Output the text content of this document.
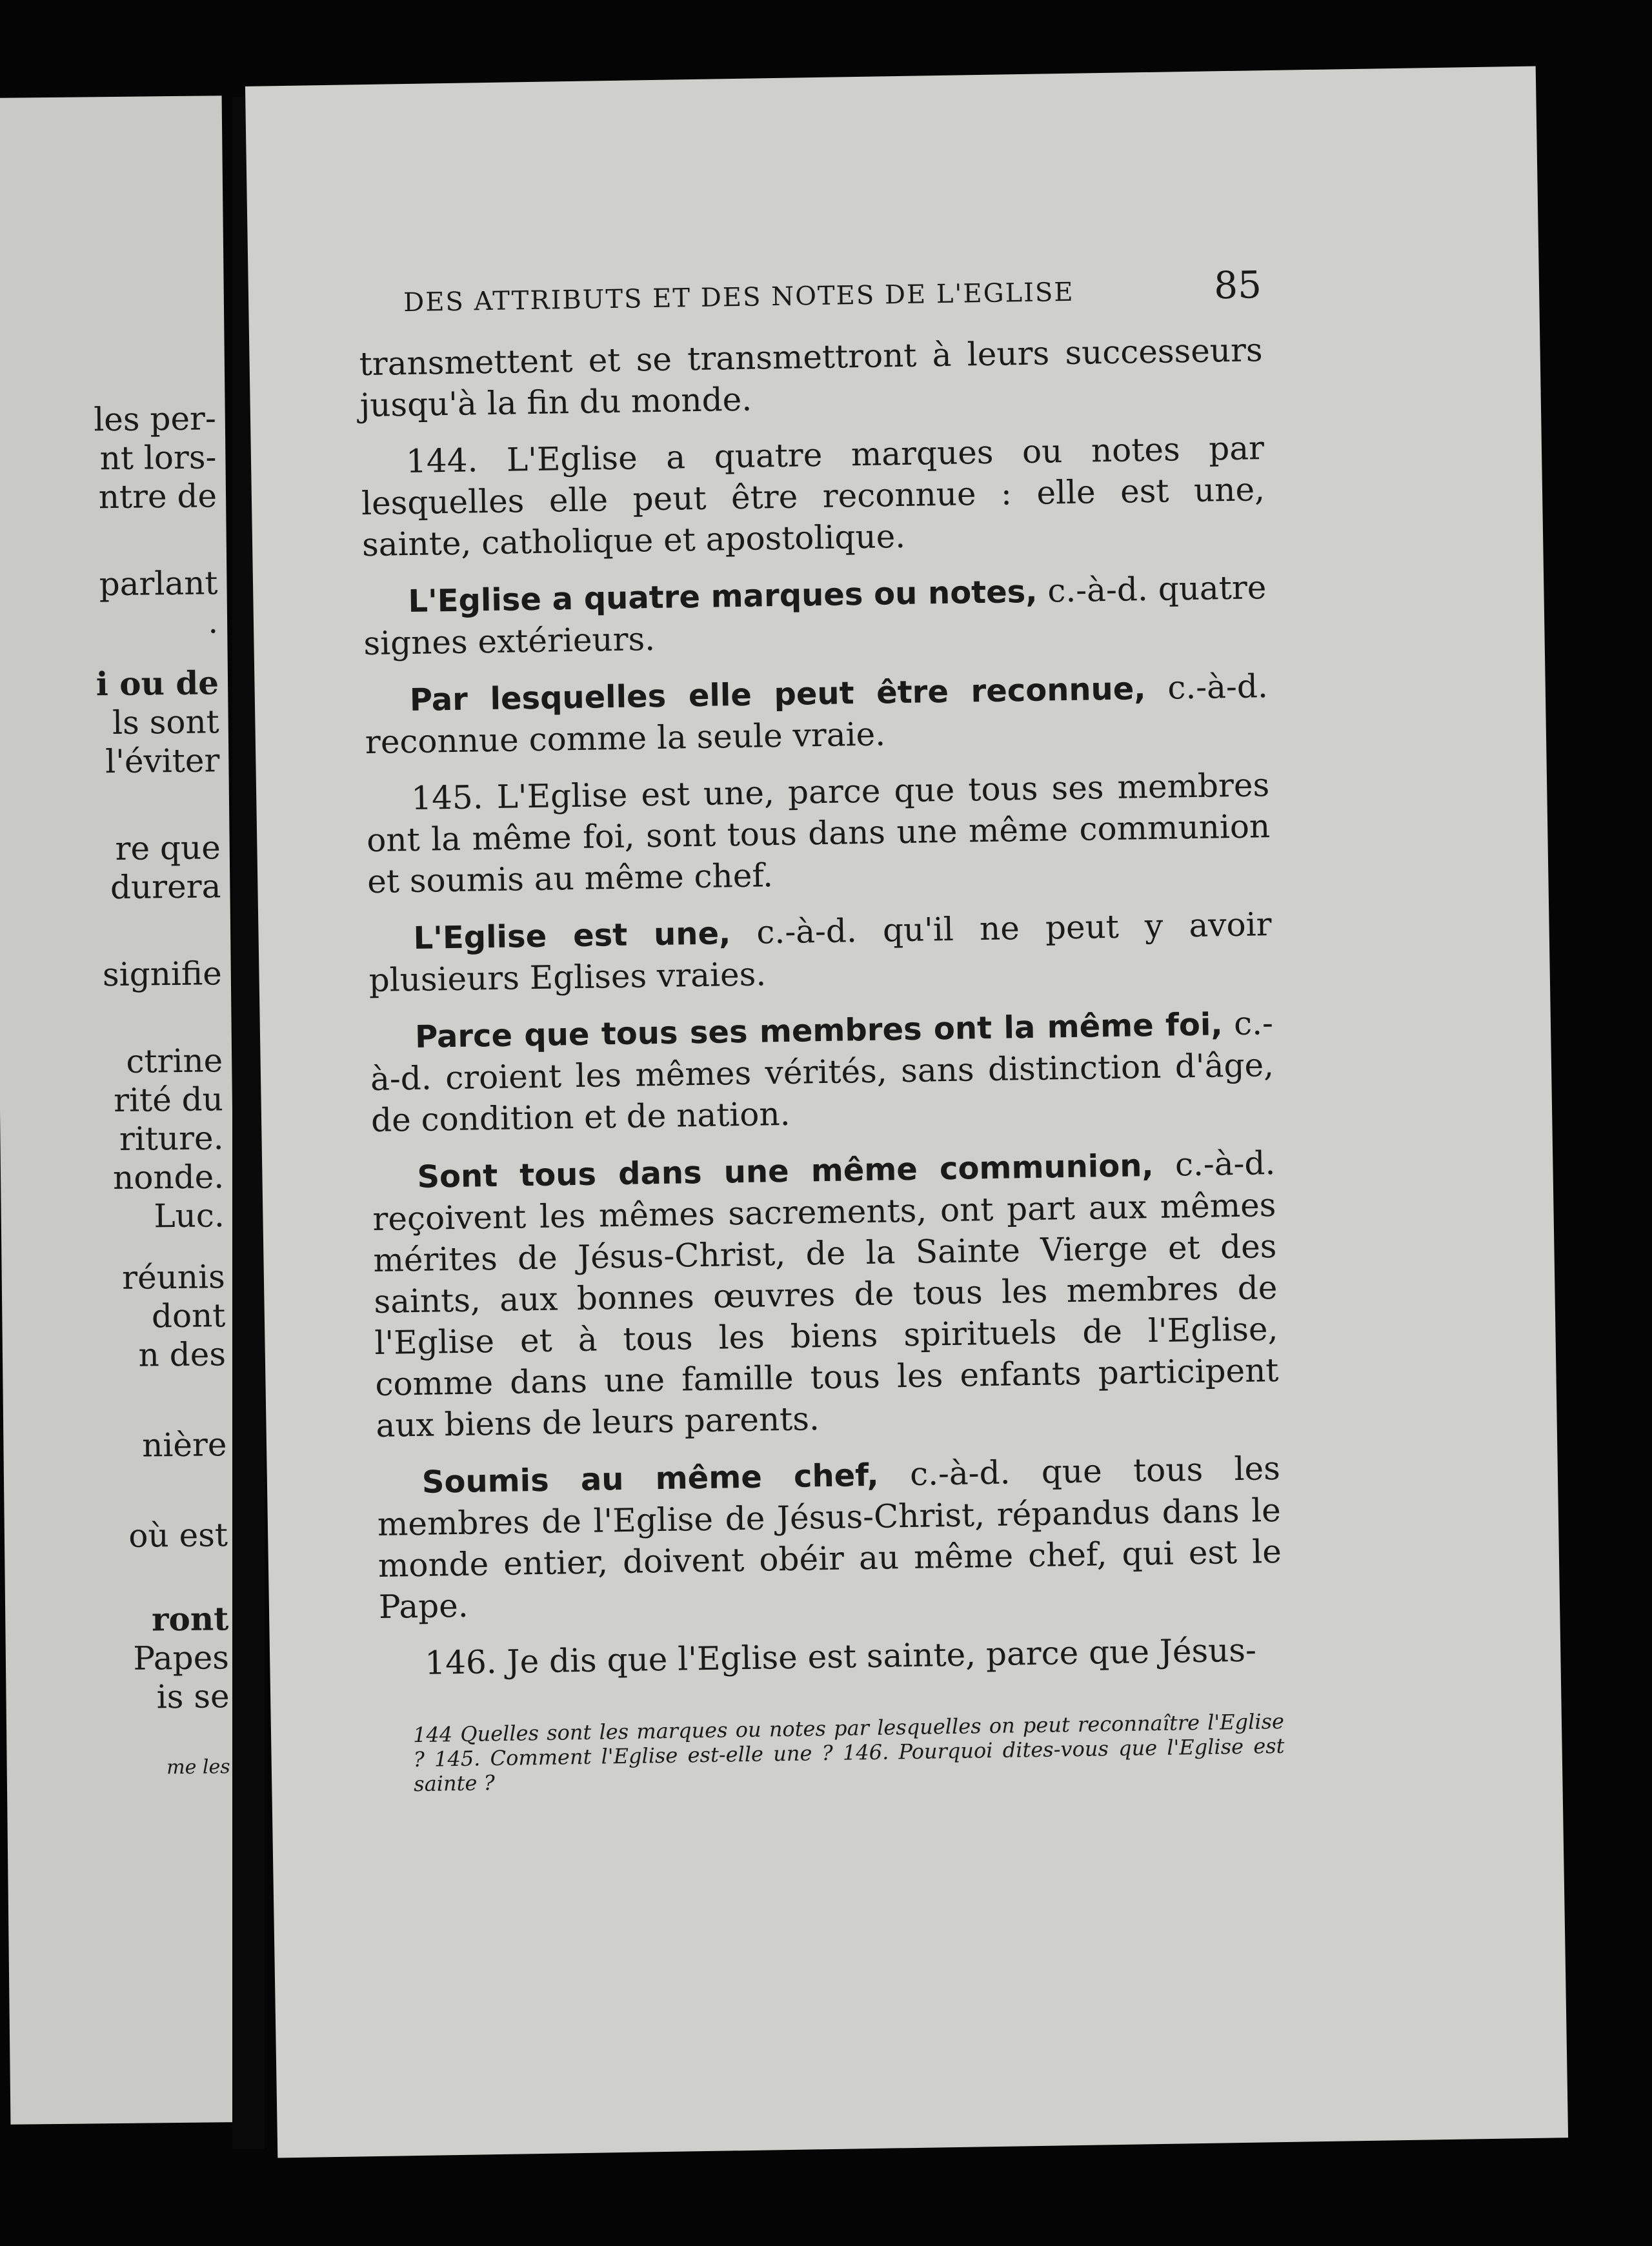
les per-
nt lors-
ntre de
parlant
.
i ou de
ls sont
l'éviter
re que
durera
signifie
ctrine
rité du
riture.
nonde.
Luc.
réunis
dont
n des
nière
où est
ront
Papes
is se
me les
DES ATTRIBUTS ET DES NOTES DE L'EGLISE	85

transmettent et se transmettront à leurs successeurs jusqu'à la fin du monde.

144. L'Eglise a quatre marques ou notes par lesquelles elle peut être reconnue : elle est une, sainte, catholique et apostolique.

L'Eglise a quatre marques ou notes, c.-à-d. quatre signes extérieurs.

Par lesquelles elle peut être reconnue, c.-à-d. reconnue comme la seule vraie.

145. L'Eglise est une, parce que tous ses membres ont la même foi, sont tous dans une même communion et soumis au même chef.

L'Eglise est une, c.-à-d. qu'il ne peut y avoir plusieurs Eglises vraies.

Parce que tous ses membres ont la même foi, c.-à-d. croient les mêmes vérités, sans distinction d'âge, de condition et de nation.

Sont tous dans une même communion, c.-à-d. reçoivent les mêmes sacrements, ont part aux mêmes mérites de Jésus-Christ, de la Sainte Vierge et des saints, aux bonnes œuvres de tous les membres de l'Eglise et à tous les biens spirituels de l'Eglise, comme dans une famille tous les enfants participent aux biens de leurs parents.

Soumis au même chef, c.-à-d. que tous les membres de l'Eglise de Jésus-Christ, répandus dans le monde entier, doivent obéir au même chef, qui est le Pape.

146. Je dis que l'Eglise est sainte, parce que Jésus-

144 Quelles sont les marques ou notes par lesquelles on peut reconnaître l'Eglise ? 145. Comment l'Eglise est-elle une ? 146. Pourquoi dites-vous que l'Eglise est sainte ?
